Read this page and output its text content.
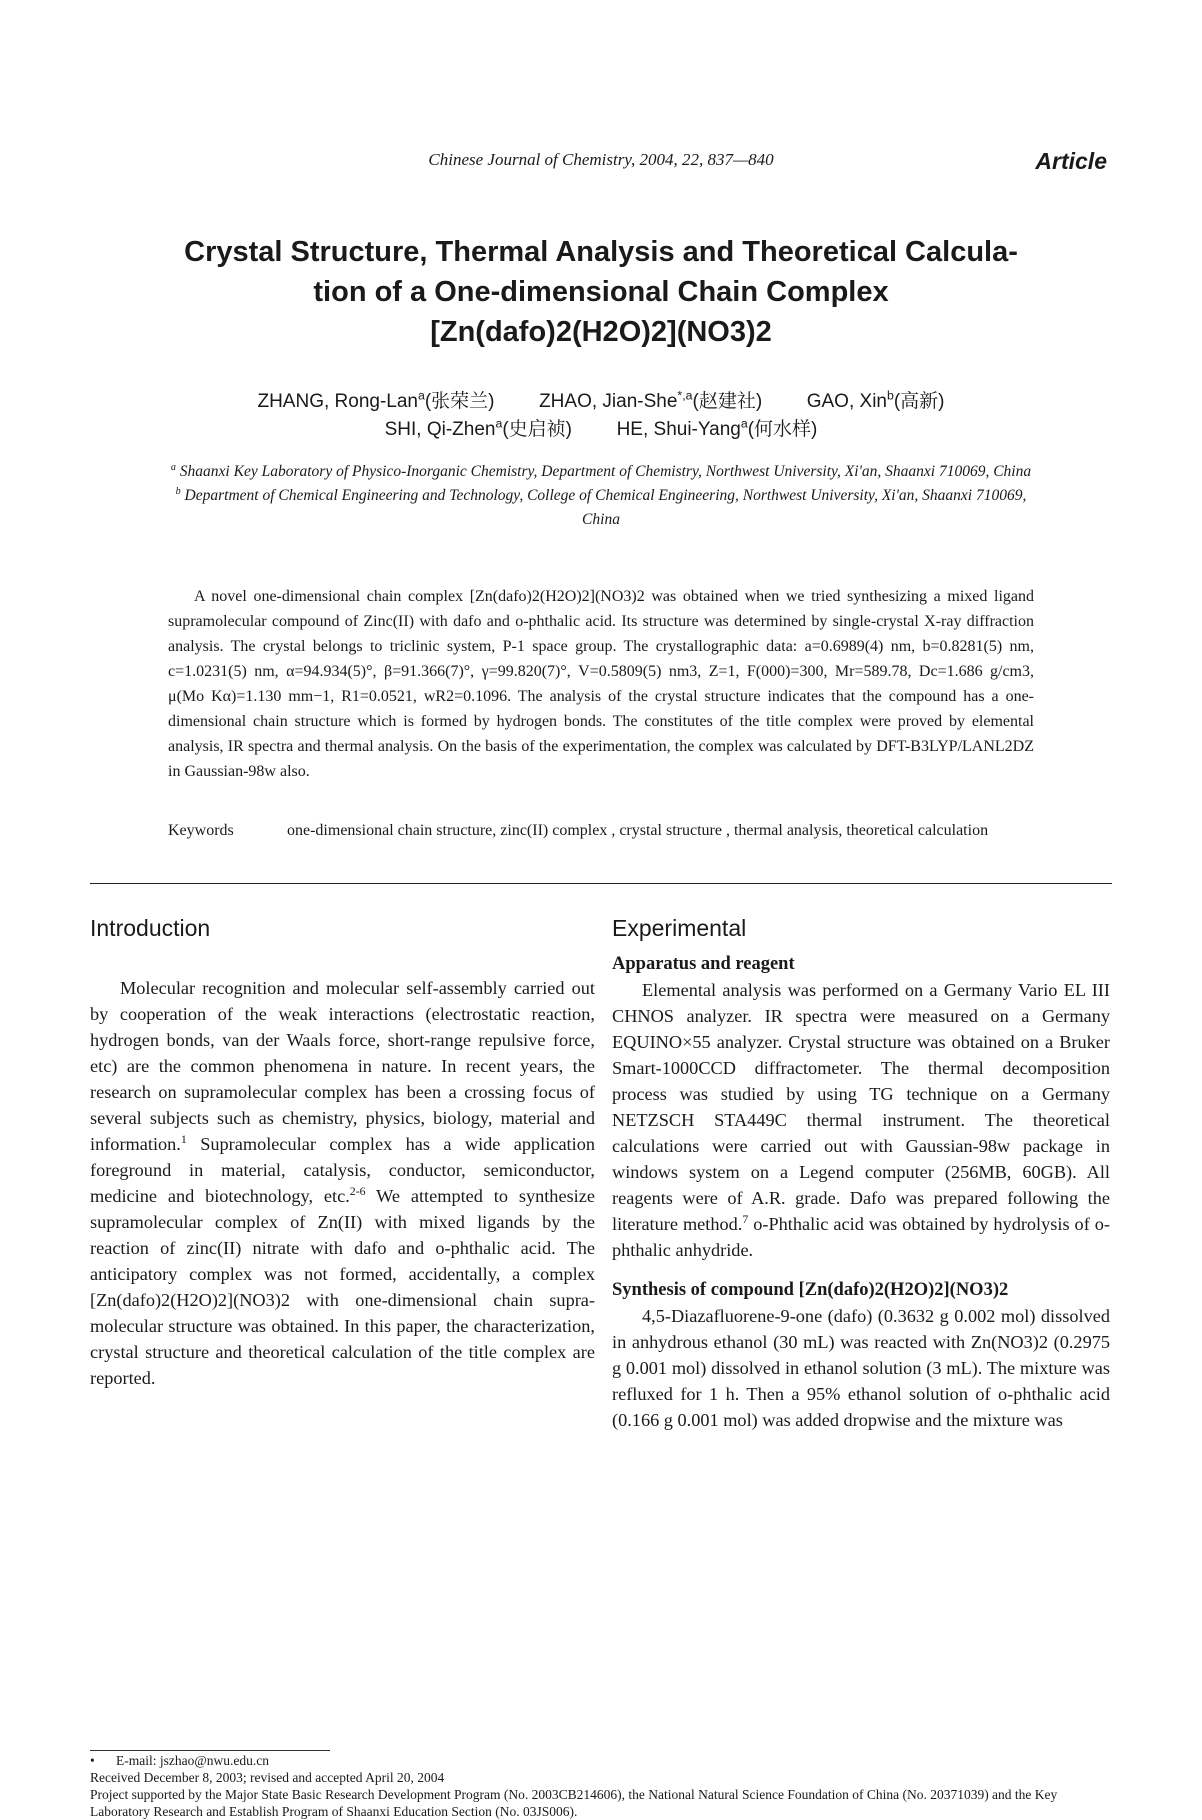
Chinese Journal of Chemistry, 2004, 22, 837—840	Article
Crystal Structure, Thermal Analysis and Theoretical Calcula-
tion of a One-dimensional Chain Complex
[Zn(dafo)2(H2O)2](NO3)2
ZHANG, Rong-Lan$^a$(张荣兰) ZHAO, Jian-She$^{*,a}$(赵建社) GAO, Xin$^b$(高新)
SHI, Qi-Zhen$^a$(史启祯) HE, Shui-Yang$^a$(何水样)
$^a$ Shaanxi Key Laboratory of Physico-Inorganic Chemistry, Department of Chemistry, Northwest University, Xi'an, Shaanxi 710069, China
$^b$ Department of Chemical Engineering and Technology, College of Chemical Engineering, Northwest University, Xi'an, Shaanxi 710069, China
A novel one-dimensional chain complex [Zn(dafo)2(H2O)2](NO3)2 was obtained when we tried synthesizing a mixed ligand supramolecular compound of Zinc(II) with dafo and o-phthalic acid. Its structure was determined by single-crystal X-ray diffraction analysis. The crystal belongs to triclinic system, P-1 space group. The crystallographic data: a=0.6989(4) nm, b=0.8281(5) nm, c=1.0231(5) nm, α=94.934(5)°, β=91.366(7)°, γ=99.820(7)°, V=0.5809(5) nm3, Z=1, F(000)=300, Mr=589.78, Dc=1.686 g/cm3, μ(Mo Kα)=1.130 mm−1, R1=0.0521, wR2=0.1096. The analysis of the crystal structure indicates that the compound has a one-dimensional chain structure which is formed by hydrogen bonds. The constitutes of the title complex were proved by elemental analysis, IR spectra and thermal analysis. On the basis of the experimentation, the complex was calculated by DFT-B3LYP/LANL2DZ in Gaussian-98w also.
Keywords	one-dimensional chain structure, zinc(II) complex , crystal structure , thermal analysis, theoretical calculation
Introduction

Molecular recognition and molecular self-assembly carried out by cooperation of the weak interactions (electrostatic reaction, hydrogen bonds, van der Waals force, short-range repulsive force, etc) are the common phenomena in nature. In recent years, the research on supramolecular complex has been a crossing focus of several subjects such as chemistry, physics, biology, material and information.$^1$ Supramolecular complex has a wide application foreground in material, catalysis, conductor, semiconductor, medicine and biotechnology, etc.$^{2-6}$ We attempted to synthesize supramolecular complex of Zn(II) with mixed ligands by the reaction of zinc(II) nitrate with dafo and o-phthalic acid. The anticipatory complex was not formed, accidentally, a complex [Zn(dafo)2(H2O)2](NO3)2 with one-dimensional chain supra- molecular structure was obtained. In this paper, the characterization, crystal structure and theoretical calculation of the title complex are reported.

Experimental
Apparatus and reagent

Elemental analysis was performed on a Germany Vario EL III CHNOS analyzer. IR spectra were measured on a Germany EQUINO×55 analyzer. Crystal structure was obtained on a Bruker Smart-1000CCD diffractometer. The thermal decomposition process was studied by using TG technique on a Germany NETZSCH STA449C thermal instrument. The theoretical calculations were carried out with Gaussian-98w package in windows system on a Legend computer (256MB, 60GB). All reagents were of A.R. grade. Dafo was prepared following the literature method.$^7$ o-Phthalic acid was obtained by hydrolysis of o-phthalic anhydride.

Synthesis of compound [Zn(dafo)2(H2O)2](NO3)2

4,5-Diazafluorene-9-one (dafo) (0.3632 g 0.002 mol) dissolved in anhydrous ethanol (30 mL) was reacted with Zn(NO3)2 (0.2975 g 0.001 mol) dissolved in ethanol solution (3 mL). The mixture was refluxed for 1 h. Then a 95% ethanol solution of o-phthalic acid (0.166 g 0.001 mol) was added dropwise and the mixture was

• E-mail: jszhao@nwu.edu.cn
Received December 8, 2003; revised and accepted April 20, 2004
Project supported by the Major State Basic Research Development Program (No. 2003CB214606), the National Natural Science Foundation of China (No. 20371039) and the Key Laboratory Research and Establish Program of Shaanxi Education Section (No. 03JS006).
